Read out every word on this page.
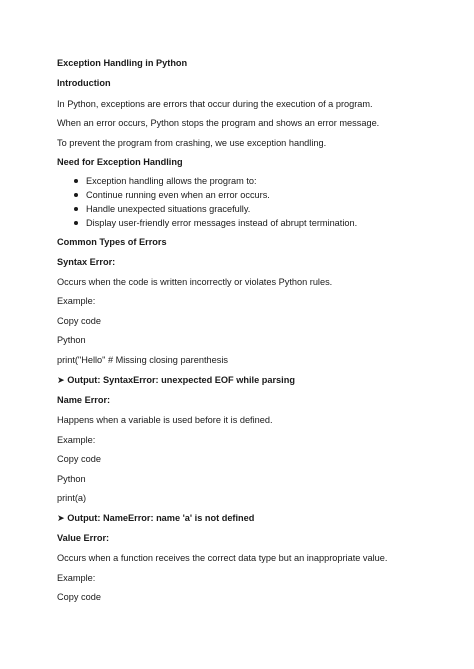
Exception Handling in Python
Introduction
In Python, exceptions are errors that occur during the execution of a program.
When an error occurs, Python stops the program and shows an error message.
To prevent the program from crashing, we use exception handling.
Need for Exception Handling
Exception handling allows the program to:
Continue running even when an error occurs.
Handle unexpected situations gracefully.
Display user-friendly error messages instead of abrupt termination.
Common Types of Errors
Syntax Error:
Occurs when the code is written incorrectly or violates Python rules.
Example:
Copy code
Python
print("Hello" # Missing closing parenthesis
➤ Output: SyntaxError: unexpected EOF while parsing
Name Error:
Happens when a variable is used before it is defined.
Example:
Copy code
Python
print(a)
➤ Output: NameError: name 'a' is not defined
Value Error:
Occurs when a function receives the correct data type but an inappropriate value.
Example:
Copy code
